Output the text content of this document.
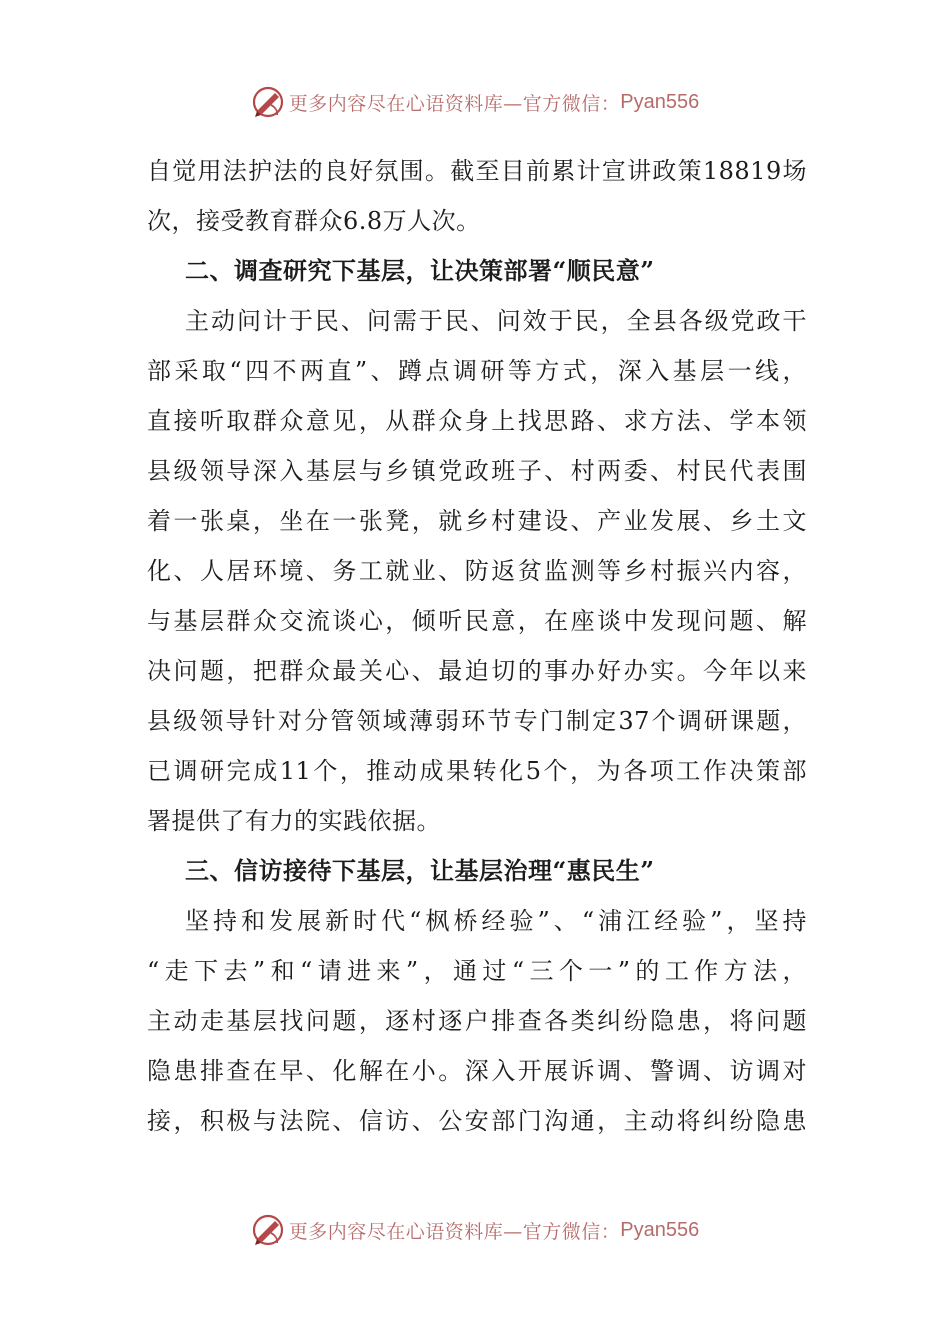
更多内容尽在心语资料库—官方微信： Pyan556
自觉用法护法的良好氛围。截至目前累计宣讲政策18819场
次，接受教育群众6.8万人次。
二、调查研究下基层，让决策部署“顺民意”
主动问计于民、问需于民、问效于民，全县各级党政干
部采取“四不两直”、蹲点调研等方式，深入基层一线，
直接听取群众意见，从群众身上找思路、求方法、学本领
县级领导深入基层与乡镇党政班子、村两委、村民代表围
着一张桌，坐在一张凳，就乡村建设、产业发展、乡土文
化、人居环境、务工就业、防返贫监测等乡村振兴内容，
与基层群众交流谈心，倾听民意，在座谈中发现问题、解
决问题，把群众最关心、最迫切的事办好办实。今年以来
县级领导针对分管领域薄弱环节专门制定37个调研课题，
已调研完成11个，推动成果转化5个，为各项工作决策部
署提供了有力的实践依据。
三、信访接待下基层，让基层治理“惠民生”
坚持和发展新时代“枫桥经验”、“浦江经验”，坚持
“走下去”和“请进来”，通过“三个一”的工作方法，
主动走基层找问题，逐村逐户排查各类纠纷隐患，将问题
隐患排查在早、化解在小。深入开展诉调、警调、访调对
接，积极与法院、信访、公安部门沟通，主动将纠纷隐患
更多内容尽在心语资料库—官方微信： Pyan556
